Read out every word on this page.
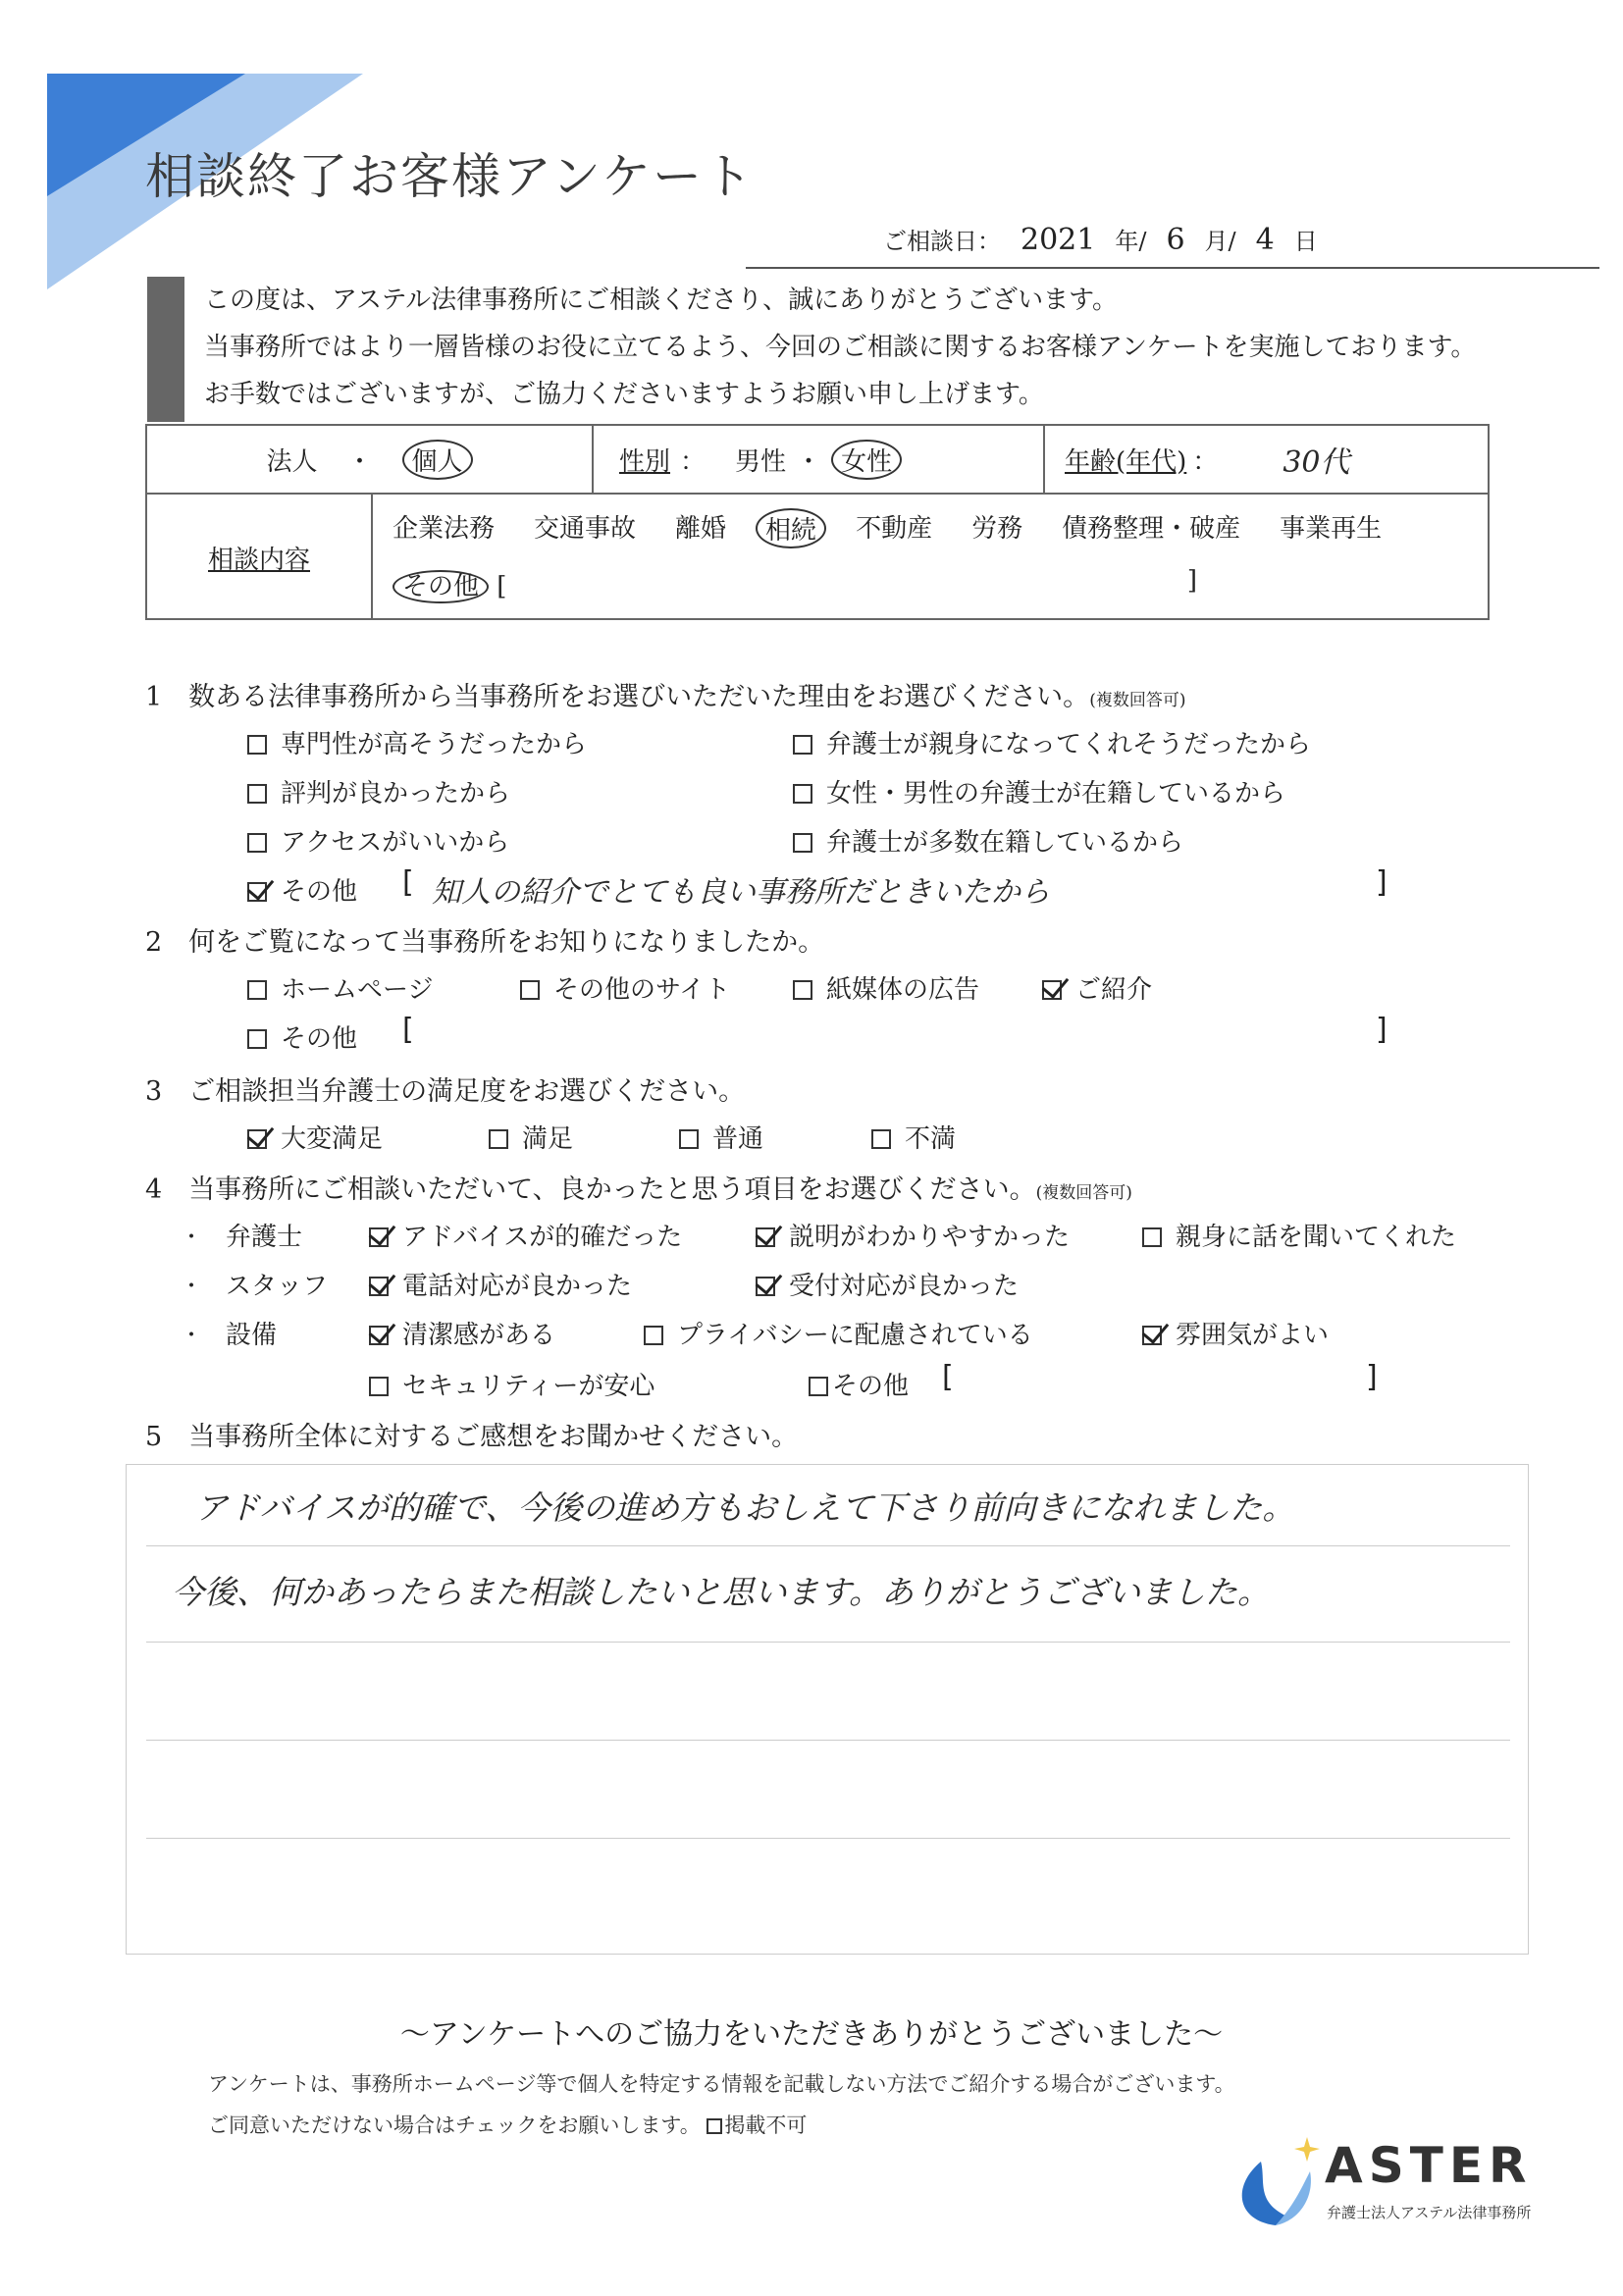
相談終了お客様アンケート
ご相談日： 2021 年/ 6 月/ 4 日
この度は、アステル法律事務所にご相談くださり、誠にありがとうございます。
当事務所ではより一層皆様のお役に立てるよう、今回のご相談に関するお客様アンケートを実施しております。
お手数ではございますが、ご協力くださいますようお願い申し上げます。
法人 ・	個人	性別 ： 男性 ・ 女性	年齢(年代) ： 30代
相談内容
企業法務 交通事故 離婚	相続	不動産 労務 債務整理・破産 事業再生
その他 [	]
1　数ある法律事務所から当事務所をお選びいただいた理由をお選びください。(複数回答可)
専門性が高そうだったから	弁護士が親身になってくれそうだったから
評判が良かったから	女性・男性の弁護士が在籍しているから
アクセスがいいから	弁護士が多数在籍しているから
その他 [ 知人の紹介でとても良い事務所だときいたから	]
2　何をご覧になって当事務所をお知りになりましたか。
ホームページ	その他のサイト	紙媒体の広告	ご紹介
その他 [	]
3　ご相談担当弁護士の満足度をお選びください。
大変満足	満足	普通	不満
4　当事務所にご相談いただいて、良かったと思う項目をお選びください。(複数回答可)
・ 弁護士	アドバイスが的確だった	説明がわかりやすかった	親身に話を聞いてくれた
・ スタッフ	電話対応が良かった	受付対応が良かった
・ 設備	清潔感がある	プライバシーに配慮されている	雰囲気がよい
セキュリティーが安心	その他 [	]
5　当事務所全体に対するご感想をお聞かせください。
アドバイスが的確で、今後の進め方もおしえて下さり前向きになれました。
今後、何かあったらまた相談したいと思います。ありがとうございました。
～アンケートへのご協力をいただきありがとうございました～
アンケートは、事務所ホームページ等で個人を特定する情報を記載しない方法でご紹介する場合がございます。
ご同意いただけない場合はチェックをお願いします。 掲載不可
ASTER
弁護士法人アステル法律事務所
